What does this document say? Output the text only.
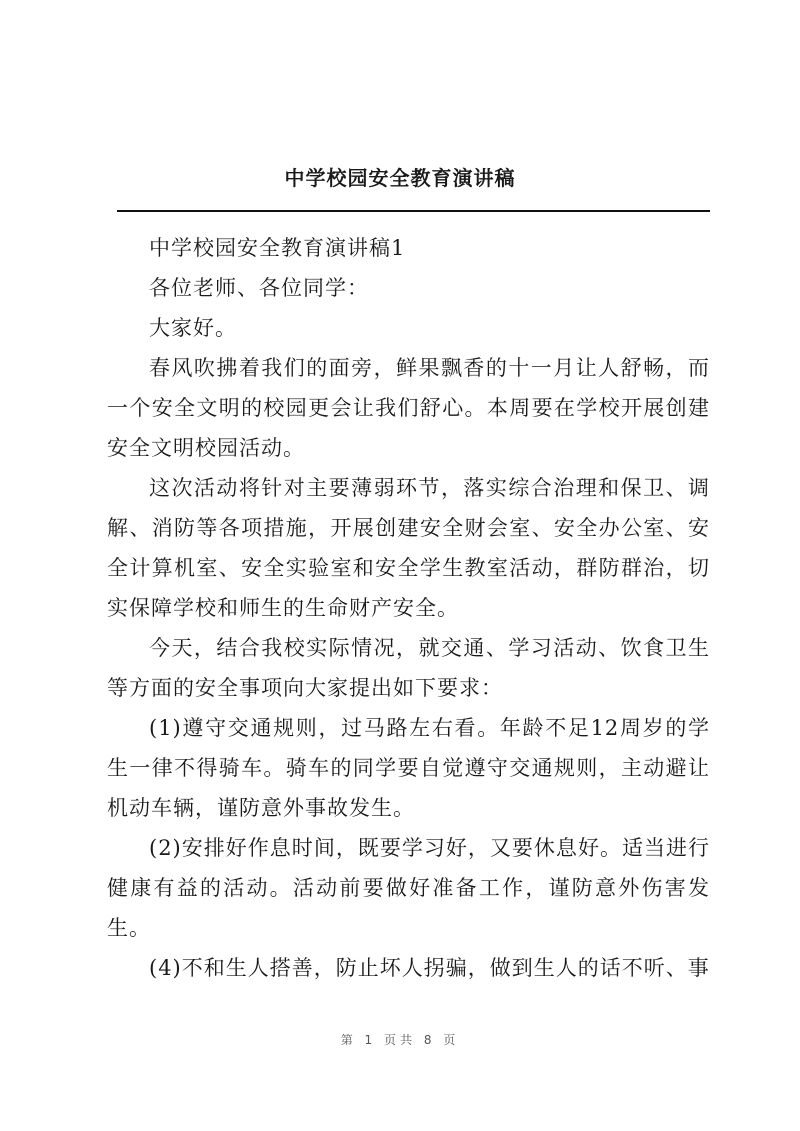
中学校园安全教育演讲稿

中学校园安全教育演讲稿1

各位老师、各位同学：

大家好。

春风吹拂着我们的面旁，鲜果飘香的十一月让人舒畅，而一个安全文明的校园更会让我们舒心。本周要在学校开展创建安全文明校园活动。

这次活动将针对主要薄弱环节，落实综合治理和保卫、调解、消防等各项措施，开展创建安全财会室、安全办公室、安全计算机室、安全实验室和安全学生教室活动，群防群治，切实保障学校和师生的生命财产安全。

今天，结合我校实际情况，就交通、学习活动、饮食卫生等方面的安全事项向大家提出如下要求：

(1)遵守交通规则，过马路左右看。年龄不足12周岁的学生一律不得骑车。骑车的同学要自觉遵守交通规则，主动避让机动车辆，谨防意外事故发生。

(2)安排好作息时间，既要学习好，又要休息好。适当进行健康有益的活动。活动前要做好准备工作，谨防意外伤害发生。

(4)不和生人搭善，防止坏人拐骗，做到生人的话不听、事

第 1 页共 8 页
